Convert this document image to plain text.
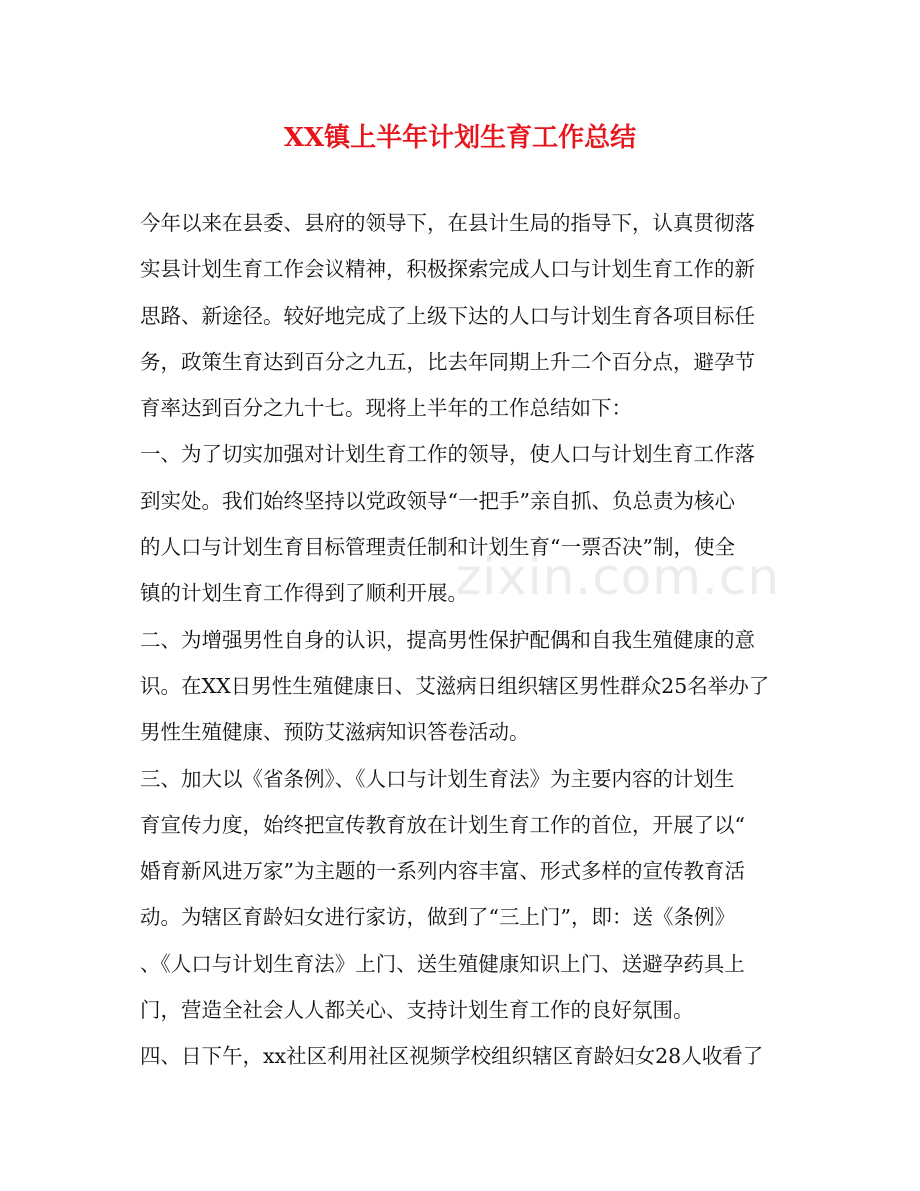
XX镇上半年计划生育工作总结
zixin.com.cn
今年以来在县委、县府的领导下，在县计生局的指导下，认真贯彻落
实县计划生育工作会议精神，积极探索完成人口与计划生育工作的新
思路、新途径。较好地完成了上级下达的人口与计划生育各项目标任
务，政策生育达到百分之九五，比去年同期上升二个百分点，避孕节
育率达到百分之九十七。现将上半年的工作总结如下：
一、为了切实加强对计划生育工作的领导，使人口与计划生育工作落
到实处。我们始终坚持以党政领导“一把手”亲自抓、负总责为核心
的人口与计划生育目标管理责任制和计划生育“一票否决”制，使全
镇的计划生育工作得到了顺利开展。
二、为增强男性自身的认识，提高男性保护配偶和自我生殖健康的意
识。在XX日男性生殖健康日、艾滋病日组织辖区男性群众25名举办了
男性生殖健康、预防艾滋病知识答卷活动。
三、加大以《省条例》、《人口与计划生育法》为主要内容的计划生
育宣传力度，始终把宣传教育放在计划生育工作的首位，开展了以“
婚育新风进万家”为主题的一系列内容丰富、形式多样的宣传教育活
动。为辖区育龄妇女进行家访，做到了“三上门”，即：送《条例》
、《人口与计划生育法》上门、送生殖健康知识上门、送避孕药具上
门，营造全社会人人都关心、支持计划生育工作的良好氛围。
四、日下午，xx社区利用社区视频学校组织辖区育龄妇女28人收看了
